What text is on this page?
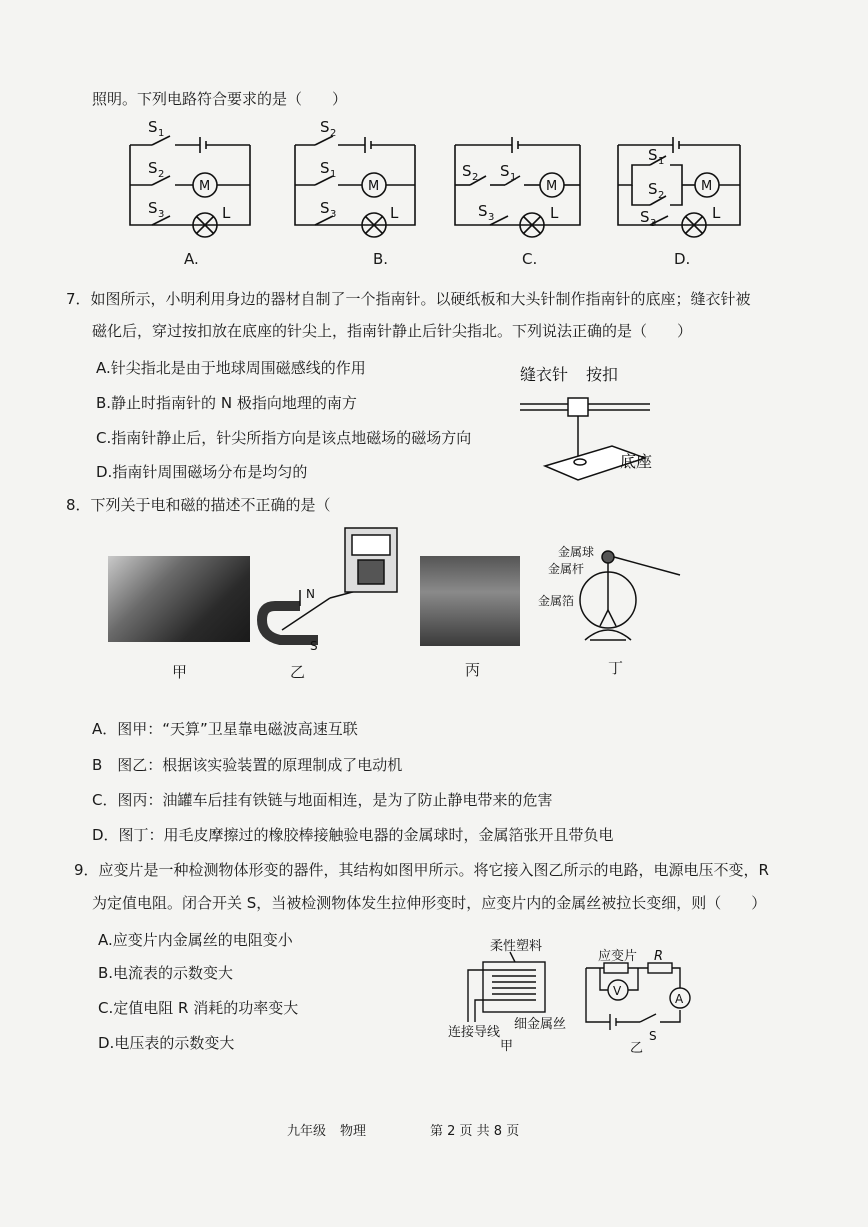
照明。下列电路符合要求的是（　　）
S 1
S 2
S 3
M
L
S 2
S 1
S 3
M
L
S 2 S 1
M
S 3	L
S 1
S 2
M
S 3
L
A.	B.	C.	D.
7．如图所示，小明利用身边的器材自制了一个指南针。以硬纸板和大头针制作指南针的底座；缝衣针被
磁化后，穿过按扣放在底座的针尖上，指南针静止后针尖指北。下列说法正确的是（　　）
A.针尖指北是由于地球周围磁感线的作用
B.静止时指南针的 N 极指向地理的南方
C.指南针静止后，针尖所指方向是该点地磁场的磁场方向
D.指南针周围磁场分布是均匀的
缝衣针 按扣
底座
8．下列关于电和磁的描述不正确的是（
N
S
金属球
金属杆
金属箔
甲	乙	丙	丁
A．图甲：“天算”卫星靠电磁波高速互联
B　图乙：根据该实验装置的原理制成了电动机
C．图丙：油罐车后挂有铁链与地面相连，是为了防止静电带来的危害
D．图丁：用毛皮摩擦过的橡胶棒接触验电器的金属球时，金属箔张开且带负电
9．应变片是一种检测物体形变的器件，其结构如图甲所示。将它接入图乙所示的电路，电源电压不变，R
为定值电阻。闭合开关 S，当被检测物体发生拉伸形变时，应变片内的金属丝被拉长变细，则（　　）
A.应变片内金属丝的电阻变小
B.电流表的示数变大
C.定值电阻 R 消耗的功率变大
D.电压表的示数变大
柔性塑料
连接导线
细金属丝
甲
应变片 R
V
A
S
乙
九年级 物理	第 2 页 共 8 页
